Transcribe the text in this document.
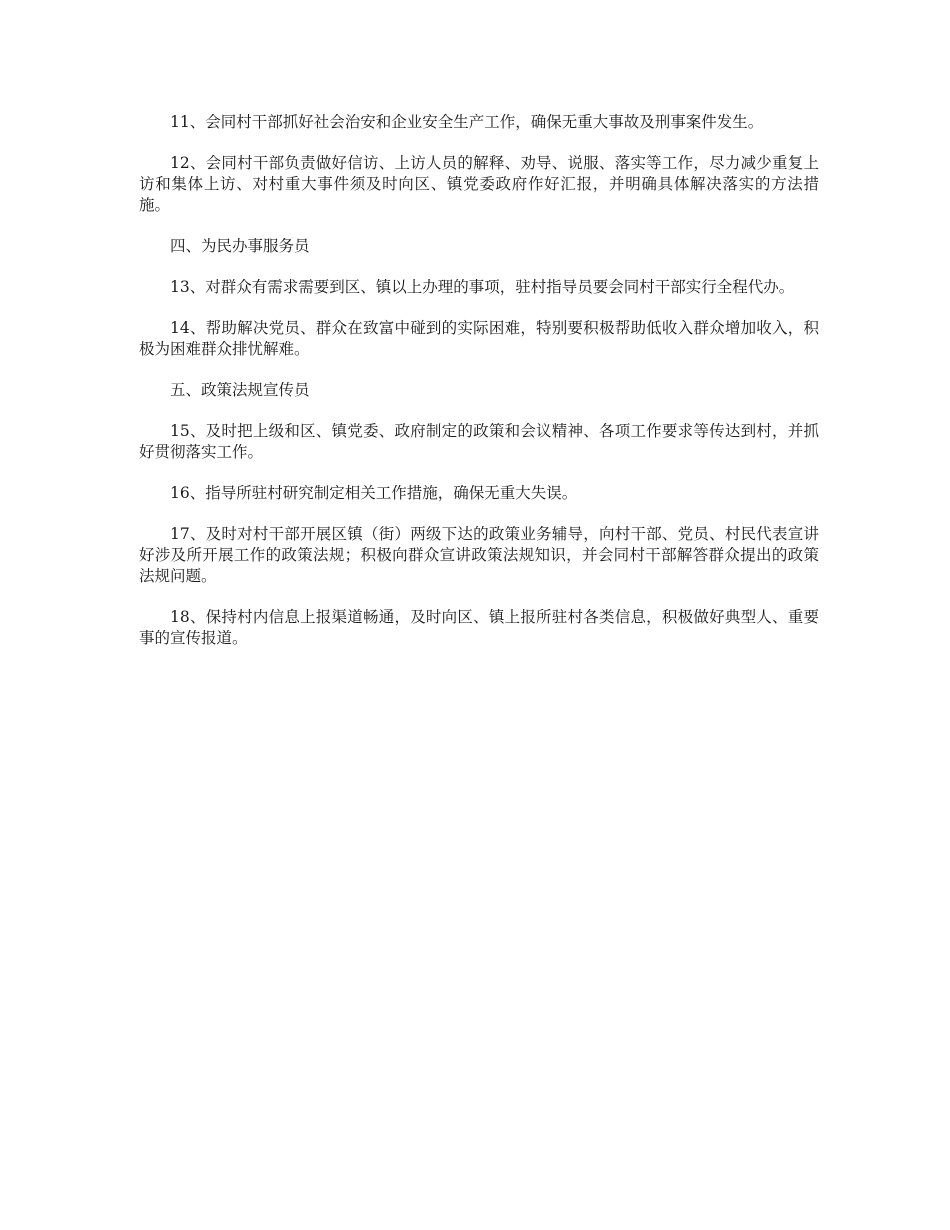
11、会同村干部抓好社会治安和企业安全生产工作，确保无重大事故及刑事案件发生。

12、会同村干部负责做好信访、上访人员的解释、劝导、说服、落实等工作，尽力减少重复上访和集体上访、对村重大事件须及时向区、镇党委政府作好汇报，并明确具体解决落实的方法措施。

四、为民办事服务员

13、对群众有需求需要到区、镇以上办理的事项，驻村指导员要会同村干部实行全程代办。

14、帮助解决党员、群众在致富中碰到的实际困难，特别要积极帮助低收入群众增加收入，积极为困难群众排忧解难。

五、政策法规宣传员

15、及时把上级和区、镇党委、政府制定的政策和会议精神、各项工作要求等传达到村，并抓好贯彻落实工作。

16、指导所驻村研究制定相关工作措施，确保无重大失误。

17、及时对村干部开展区镇（街）两级下达的政策业务辅导，向村干部、党员、村民代表宣讲好涉及所开展工作的政策法规；积极向群众宣讲政策法规知识，并会同村干部解答群众提出的政策法规问题。

18、保持村内信息上报渠道畅通，及时向区、镇上报所驻村各类信息，积极做好典型人、重要事的宣传报道。
